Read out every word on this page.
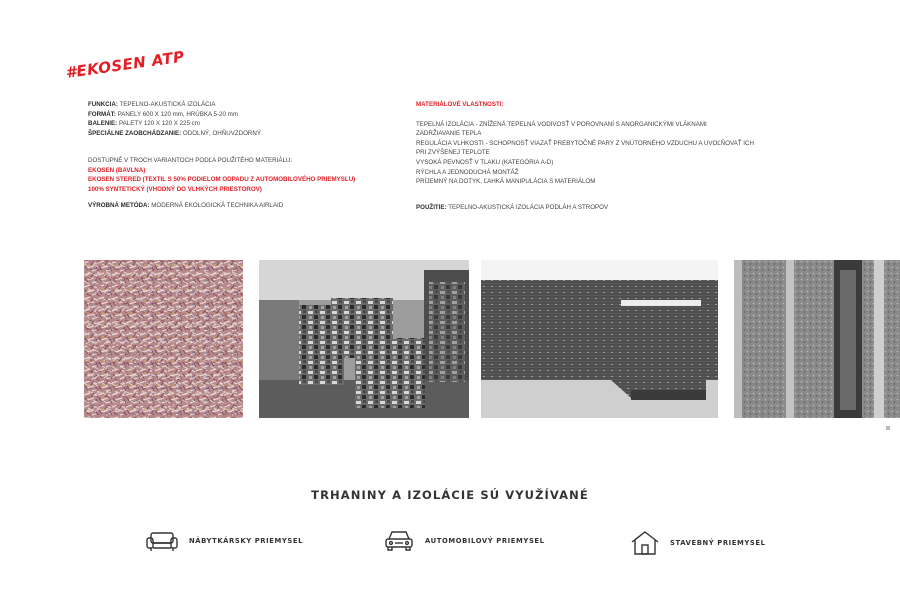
#EKOSEN ATP
FUNKCIA: TEPELNO-AKUSTICKÁ IZOLÁCIA
FORMÁT: PANELY 600 X 120 mm, HRÚBKA 5-20 mm
BALENIE: PALETY 120 X 120 X 225 cm
ŠPECIÁLNE ZAOBCHÁDZANIE: ODOLNÝ, OHŇUVZDORNÝ
DOSTUPNÉ V TROCH VARIANTOCH PODĽA POUŽITÉHO MATERIÁLU:
EKOSEN (BAVLNA)
EKOSEN STERED (TEXTIL S 50% PODIELOM ODPADU Z AUTOMOBILOVÉHO PRIEMYSLU)
100% SYNTETICKÝ (VHODNÝ DO VLHKÝCH PRIESTOROV)
VÝROBNÁ METÓDA: MODERNÁ EKOLOGICKÁ TECHNIKA AIRLAID
MATERIÁLOVÉ VLASTNOSTI:
TEPELNÁ IZOLÁCIA - ZNÍŽENÁ TEPELNÁ VODIVOSŤ V POROVNANÍ S ANORGANICKÝMI VLÁKNAMI
ZADRŽIAVANIE TEPLA
REGULÁCIA VLHKOSTI - SCHOPNOSŤ VIAZAŤ PREBYTOČNÉ PARY Z VNÚTORNÉHO VZDUCHU A UVOĽŇOVAŤ ICH
PRI ZVÝŠENEJ TEPLOTE
VYSOKÁ PEVNOSŤ V TLAKU (KATEGÓRIA A-D)
RÝCHLA A JEDNODUCHÁ MONTÁŽ
PRÍJEMNÝ NA DOTYK, ĽAHKÁ MANIPULÁCIA S MATERIÁLOM
POUŽITIE: TEPELNO-AKUSTICKÁ IZOLÁCIA PODLÁH A STROPOV
TRHANINY A IZOLÁCIE SÚ VYUŽÍVANÉ
NÁBYTKÁRSKY PRIEMYSEL	AUTOMOBILOVÝ PRIEMYSEL	STAVEBNÝ PRIEMYSEL
